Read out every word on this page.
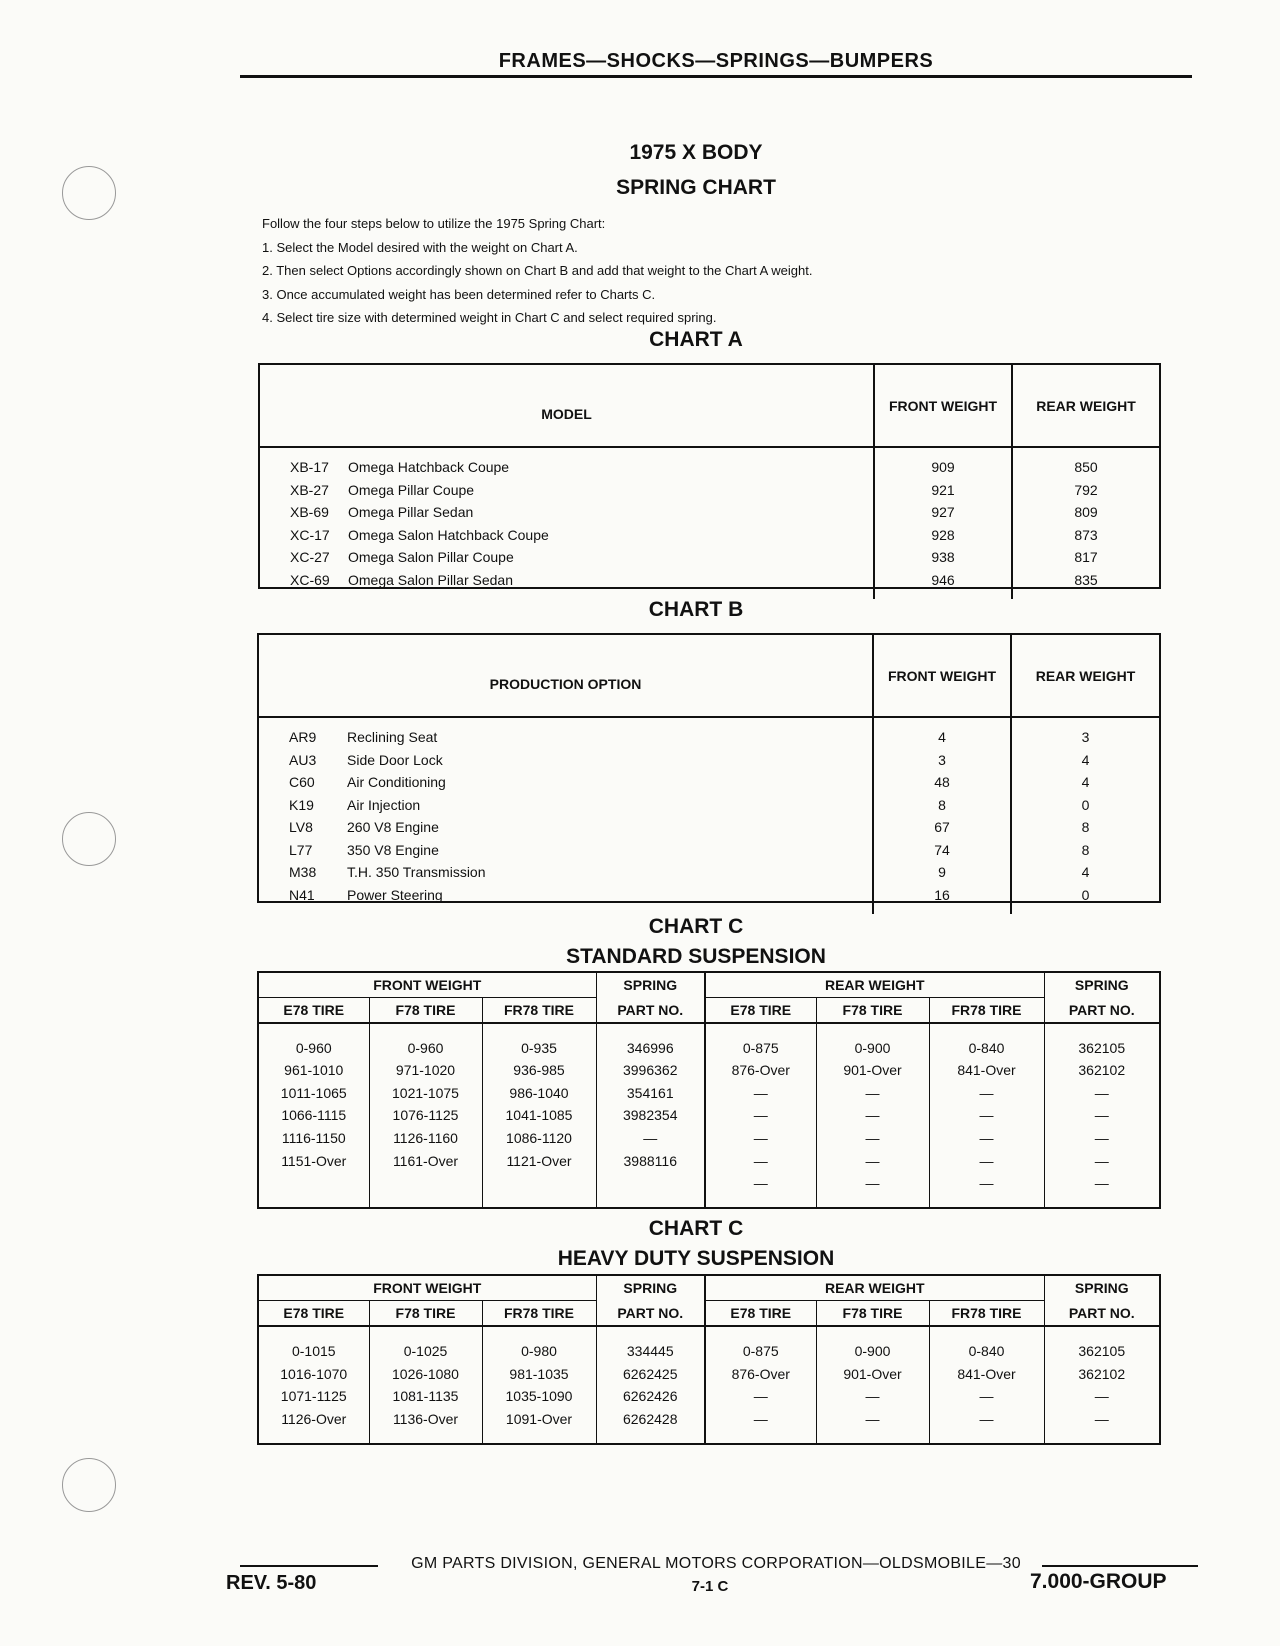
FRAMES—SHOCKS—SPRINGS—BUMPERS
1975 X BODY
SPRING CHART
Follow the four steps below to utilize the 1975 Spring Chart:
1. Select the Model desired with the weight on Chart A.
2. Then select Options accordingly shown on Chart B and add that weight to the Chart A weight.
3. Once accumulated weight has been determined refer to Charts C.
4. Select tire size with determined weight in Chart C and select required spring.
CHART A
MODEL		FRONT WEIGHT	REAR WEIGHT

XB-17	Omega Hatchback Coupe	909	850
XB-27	Omega Pillar Coupe	921	792
XB-69	Omega Pillar Sedan	927	809
XC-17	Omega Salon Hatchback Coupe	928	873
XC-27	Omega Salon Pillar Coupe	938	817
XC-69	Omega Salon Pillar Sedan	946	835

CHART B
PRODUCTION OPTION		FRONT WEIGHT	REAR WEIGHT

AR9	Reclining Seat	4	3
AU3	Side Door Lock	3	4
C60	Air Conditioning	48	4
K19	Air Injection	8	0
LV8	260 V8 Engine	67	8
L77	350 V8 Engine	74	8
M38	T.H. 350 Transmission	9	4
N41	Power Steering	16	0

CHART C
STANDARD SUSPENSION
FRONT WEIGHT			SPRING	REAR WEIGHT			SPRING
E78 TIRE	F78 TIRE	FR78 TIRE	PART NO.	E78 TIRE	F78 TIRE	FR78 TIRE	PART NO.

0-960	0-960	0-935	346996	0-875	0-900	0-840	362105
961-1010	971-1020	936-985	3996362	876-Over	901-Over	841-Over	362102
1011-1065	1021-1075	986-1040	354161	—	—	—	—
1066-1115	1076-1125	1041-1085	3982354	—	—	—	—
1116-1150	1126-1160	1086-1120	—	—	—	—	—
1151-Over	1161-Over	1121-Over	3988116	—	—	—	—
				—	—	—	—

CHART C
HEAVY DUTY SUSPENSION
FRONT WEIGHT			SPRING	REAR WEIGHT			SPRING
E78 TIRE	F78 TIRE	FR78 TIRE	PART NO.	E78 TIRE	F78 TIRE	FR78 TIRE	PART NO.

0-1015	0-1025	0-980	334445	0-875	0-900	0-840	362105
1016-1070	1026-1080	981-1035	6262425	876-Over	901-Over	841-Over	362102
1071-1125	1081-1135	1035-1090	6262426	—	—	—	—
1126-Over	1136-Over	1091-Over	6262428	—	—	—	—

GM PARTS DIVISION, GENERAL MOTORS CORPORATION—OLDSMOBILE—30
REV. 5-80	7-1 C	7.000-GROUP
